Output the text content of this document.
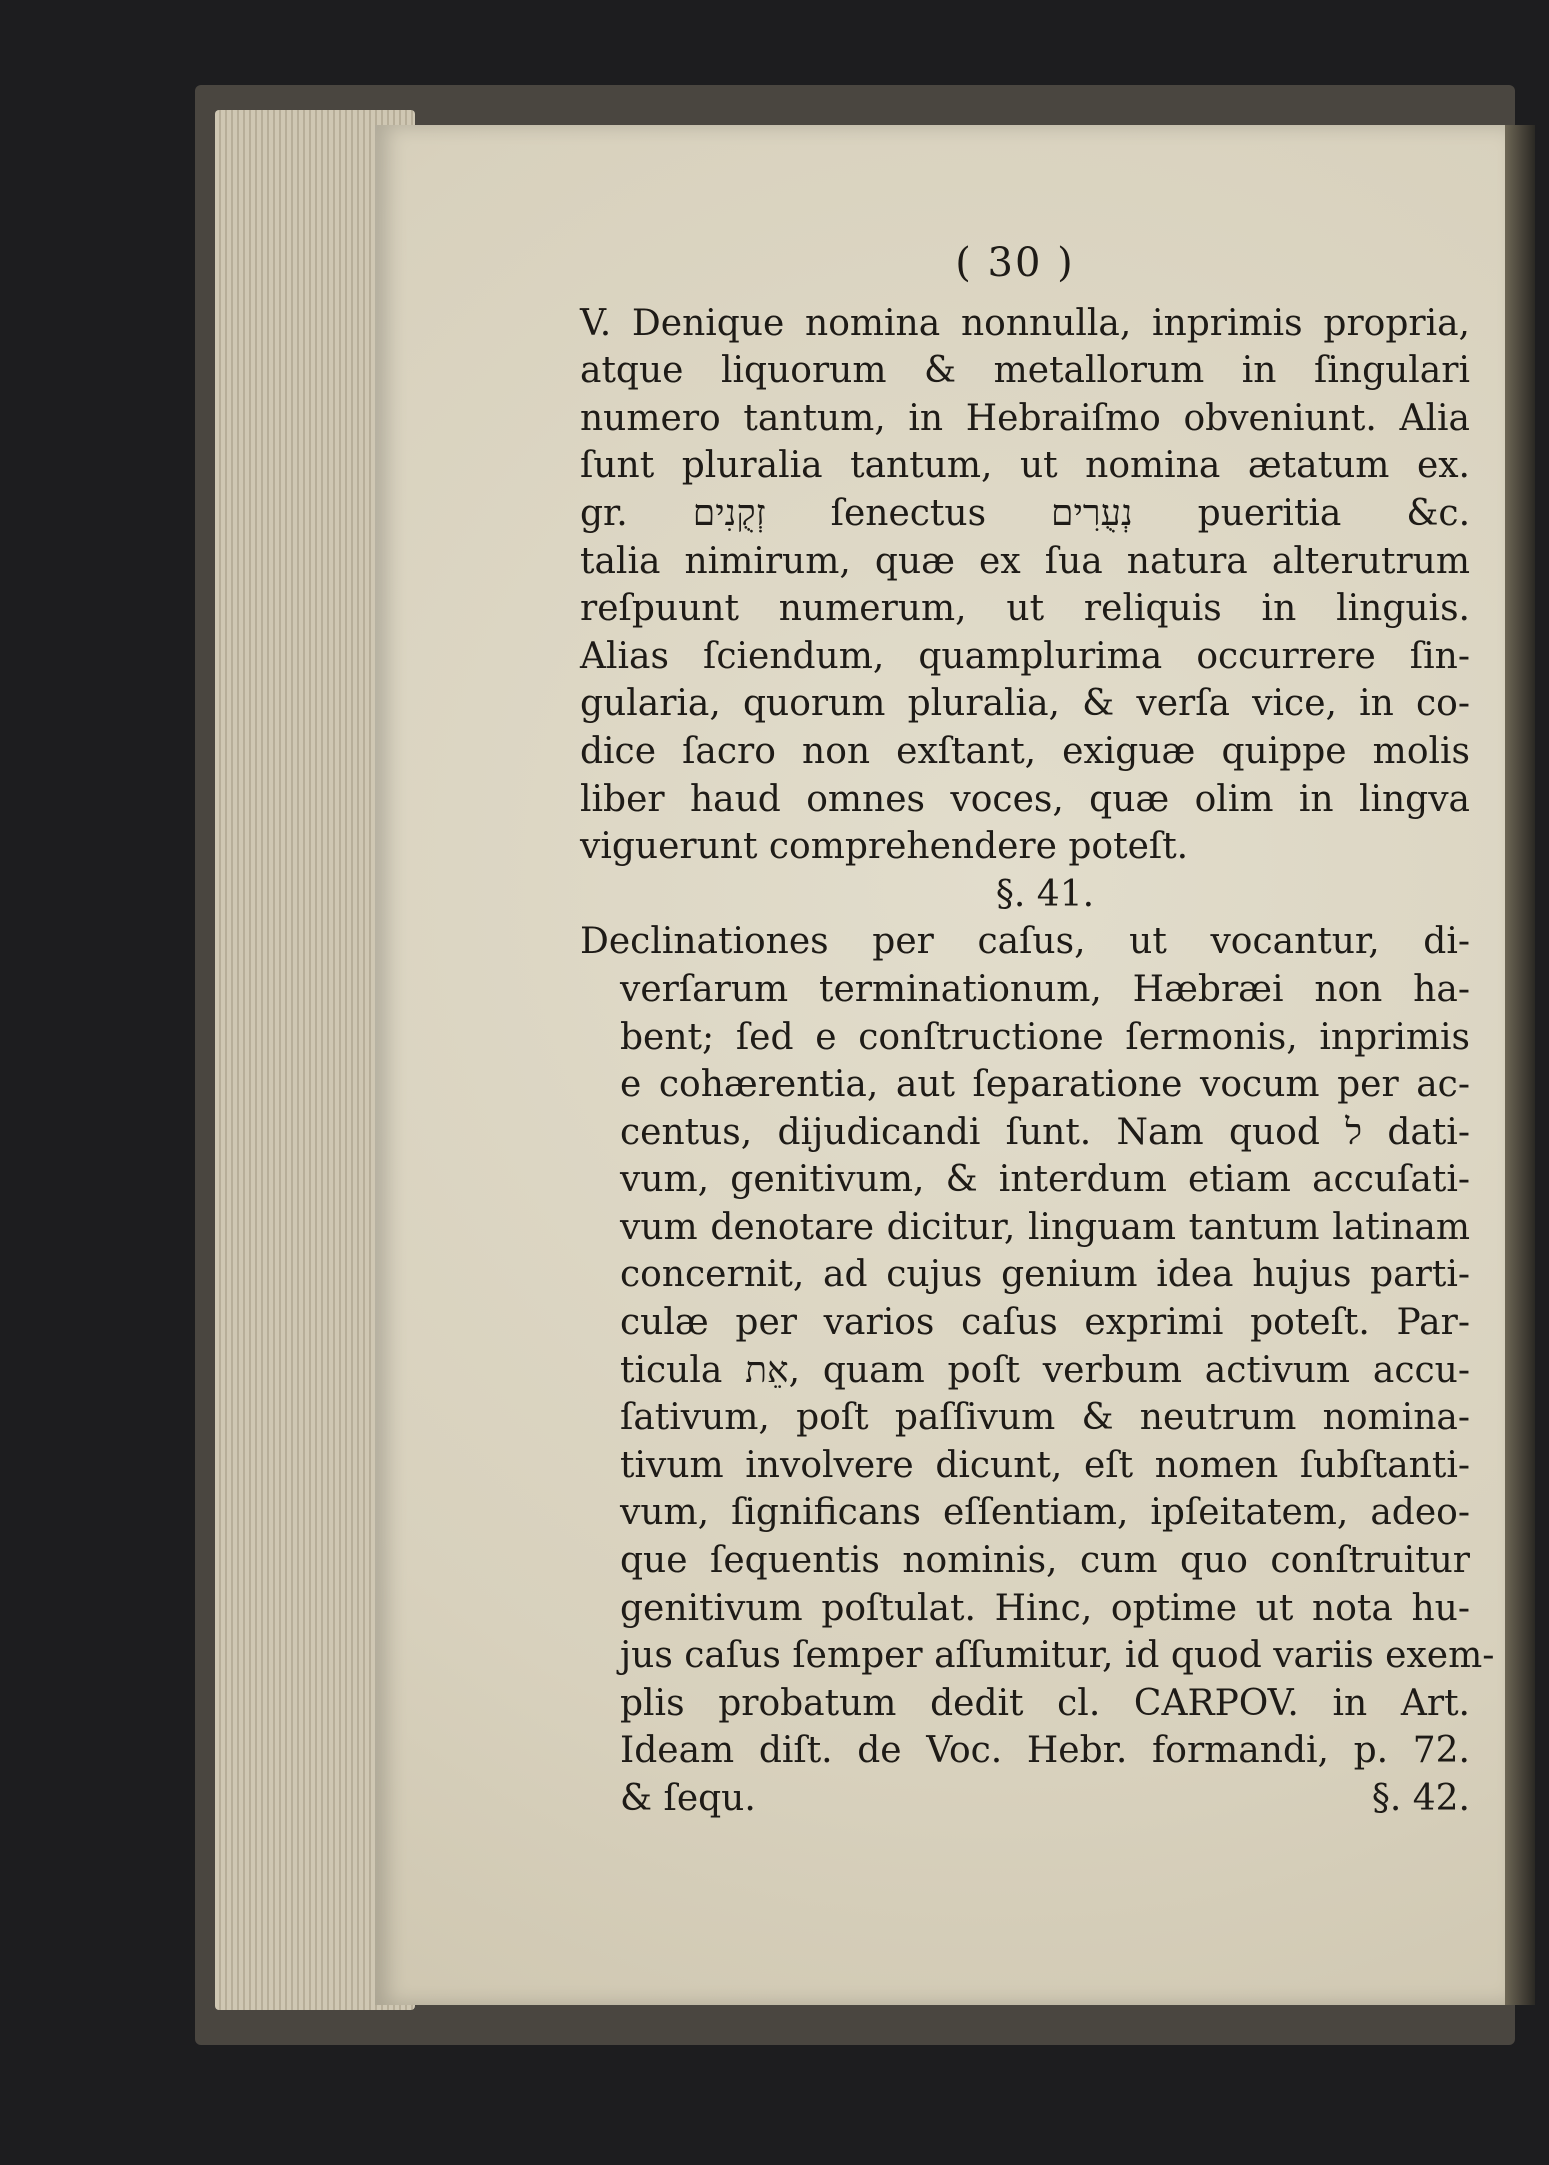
( 30 )
V. Denique nomina nonnulla, inprimis propria,
atque liquorum & metallorum in ſingulari
numero tantum, in Hebraiſmo obveniunt. Alia
ſunt pluralia tantum, ut nomina ætatum ex.
gr. זְקֻנִים ſenectus נְעֻרִים pueritia &c.
talia nimirum, quæ ex ſua natura alterutrum
reſpuunt numerum, ut reliquis in linguis.
Alias ſciendum, quamplurima occurrere ſin-
gularia, quorum pluralia, & verſa vice, in co-
dice ſacro non exſtant, exiguæ quippe molis
liber haud omnes voces, quæ olim in lingva
viguerunt comprehendere poteſt.
§. 41.
Declinationes per caſus, ut vocantur, di-
verſarum terminationum, Hæbræi non ha-
bent; ſed e conſtructione ſermonis, inprimis
e cohærentia, aut ſeparatione vocum per ac-
centus, dijudicandi ſunt. Nam quod ל dati-
vum, genitivum, & interdum etiam accuſati-
vum denotare dicitur, linguam tantum latinam
concernit, ad cujus genium idea hujus parti-
culæ per varios caſus exprimi poteſt. Par-
ticula אֵת, quam poſt verbum activum accu-
ſativum, poſt paſſivum & neutrum nomina-
tivum involvere dicunt, eſt nomen ſubſtanti-
vum, ſignificans eſſentiam, ipſeitatem, adeo-
que ſequentis nominis, cum quo conſtruitur
genitivum poſtulat. Hinc, optime ut nota hu-
jus caſus ſemper aſſumitur, id quod variis exem-
plis probatum dedit cl. CARPOV. in Art.
Ideam diſt. de Voc. Hebr. formandi, p. 72.
& ſequ.	§. 42.
